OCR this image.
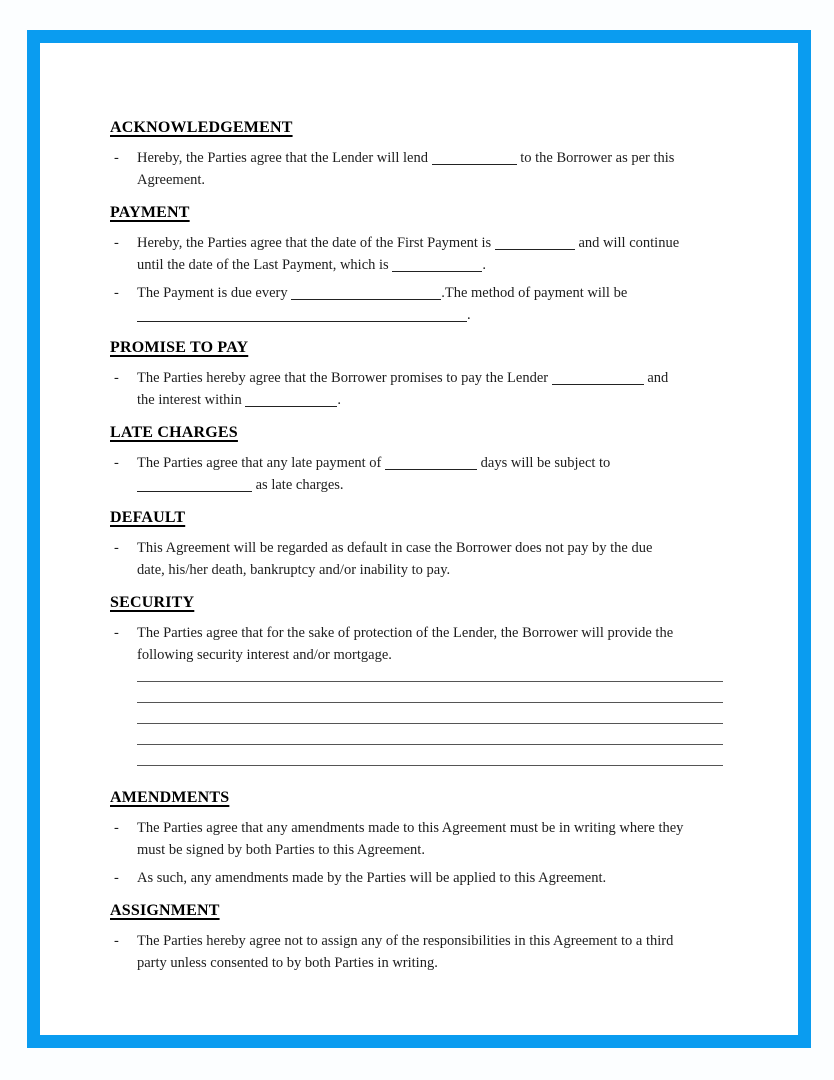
ACKNOWLEDGEMENT
-	Hereby, the Parties agree that the Lender will lend	to the Borrower as per this
Agreement.
PAYMENT
-	Hereby, the Parties agree that the date of the First Payment is	and will continue
until the date of the Last Payment, which is	.
-	The Payment is due every	.The method of payment will be
.
PROMISE TO PAY
-	The Parties hereby agree that the Borrower promises to pay the Lender	and
the interest within	.
LATE CHARGES
-	The Parties agree that any late payment of	days will be subject to
as late charges.
DEFAULT
-	This Agreement will be regarded as default in case the Borrower does not pay by the due
date, his/her death, bankruptcy and/or inability to pay.
SECURITY
-	The Parties agree that for the sake of protection of the Lender, the Borrower will provide the
following security interest and/or mortgage.
AMENDMENTS
-	The Parties agree that any amendments made to this Agreement must be in writing where they
must be signed by both Parties to this Agreement.
-	As such, any amendments made by the Parties will be applied to this Agreement.
ASSIGNMENT
-	The Parties hereby agree not to assign any of the responsibilities in this Agreement to a third
party unless consented to by both Parties in writing.
